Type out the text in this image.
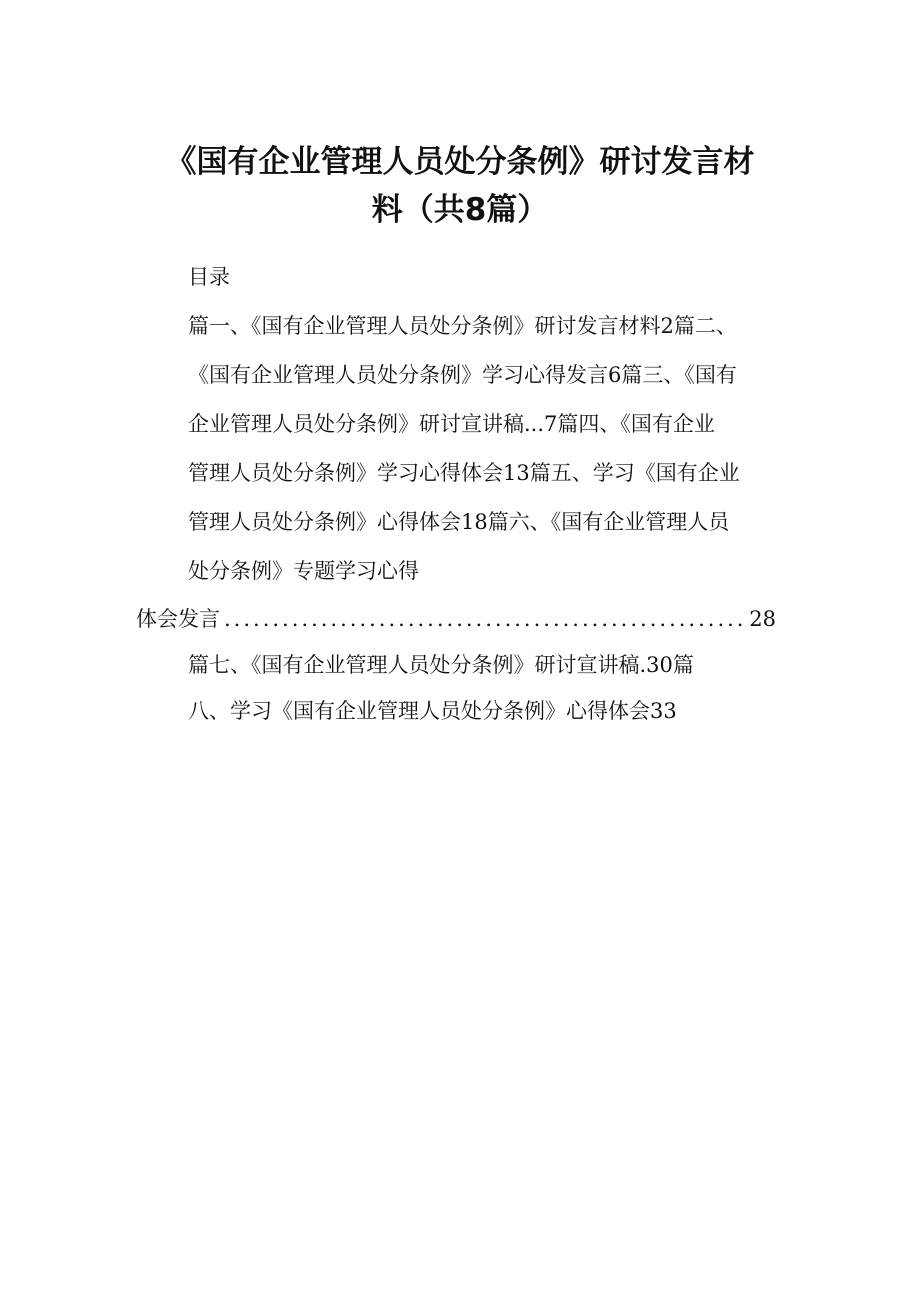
《国有企业管理人员处分条例》研讨发言材
料（共8篇）
目录
篇一、《国有企业管理人员处分条例》研讨发言材料2篇二、
《国有企业管理人员处分条例》学习心得发言6篇三、《国有
企业管理人员处分条例》研讨宣讲稿...7篇四、《国有企业
管理人员处分条例》学习心得体会13篇五、学习《国有企业
管理人员处分条例》心得体会18篇六、《国有企业管理人员
处分条例》专题学习心得
体会发言
.....	28
篇七、《国有企业管理人员处分条例》研讨宣讲稿.30篇
八、学习《国有企业管理人员处分条例》心得体会33
